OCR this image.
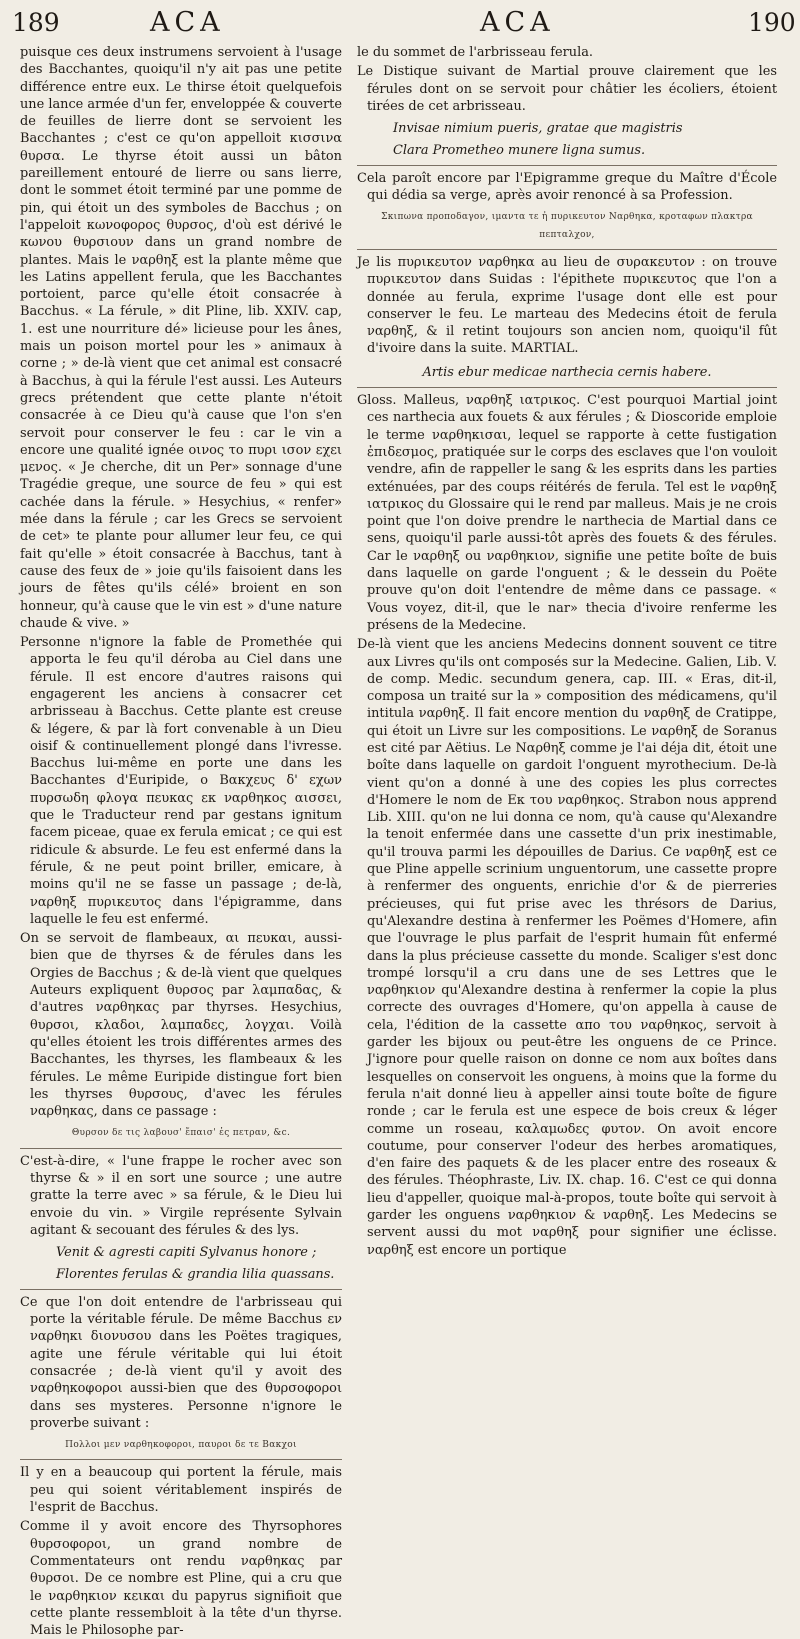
189	ACA	ACA	190

puisque ces deux instrumens servoient à l'usage des Bacchantes, quoiqu'il n'y ait pas une petite différence entre eux. Le thirse étoit quelquefois une lance armée d'un fer, enveloppée & couverte de feuilles de lierre dont se servoient les Bacchantes ; c'est ce qu'on appelloit κισσινα θυρσα. Le thyrse étoit aussi un bâton pareillement entouré de lierre ou sans lierre, dont le sommet étoit terminé par une pomme de pin, qui étoit un des symboles de Bacchus ; on l'appeloit κωνοφορος θυρσος, d'où est dérivé le κωνου θυρσιουν dans un grand nombre de plantes. Mais le ναρθηξ est la plante même que les Latins appellent ferula, que les Bacchantes portoient, parce qu'elle étoit consacrée à Bacchus. « La férule, » dit Pline, lib. XXIV. cap, 1. est une nourriture dé» licieuse pour les ânes, mais un poison mortel pour les » animaux à corne ; » de-là vient que cet animal est consacré à Bacchus, à qui la férule l'est aussi. Les Auteurs grecs prétendent que cette plante n'étoit consacrée à ce Dieu qu'à cause que l'on s'en servoit pour conserver le feu : car le vin a encore une qualité ignée οινος το πυρι ισον εχει μενος. « Je cherche, dit un Per» sonnage d'une Tragédie greque, une source de feu » qui est cachée dans la férule. » Hesychius, « renfer» mée dans la férule ; car les Grecs se servoient de cet» te plante pour allumer leur feu, ce qui fait qu'elle » étoit consacrée à Bacchus, tant à cause des feux de » joie qu'ils faisoient dans les jours de fêtes qu'ils célé» broient en son honneur, qu'à cause que le vin est » d'une nature chaude & vive. »

Personne n'ignore la fable de Promethée qui apporta le feu qu'il déroba au Ciel dans une férule. Il est encore d'autres raisons qui engagerent les anciens à consacrer cet arbrisseau à Bacchus. Cette plante est creuse & légere, & par là fort convenable à un Dieu oisif & continuellement plongé dans l'ivresse. Bacchus lui-même en porte une dans les Bacchantes d'Euripide, ο Βακχευς δ' εχων πυρσωδη φλογα πευκας εκ ναρθηκος αισσει, que le Traducteur rend par gestans ignitum facem piceae, quae ex ferula emicat ; ce qui est ridicule & absurde. Le feu est enfermé dans la férule, & ne peut point briller, emicare, à moins qu'il ne se fasse un passage ; de-là, ναρθηξ πυρικευτος dans l'épigramme, dans laquelle le feu est enfermé.

On se servoit de flambeaux, αι πευκαι, aussi-bien que de thyrses & de férules dans les Orgies de Bacchus ; & de-là vient que quelques Auteurs expliquent θυρσος par λαμπαδας, & d'autres ναρθηκας par thyrses. Hesychius, θυρσοι, κλαδοι, λαμπαδες, λογχαι. Voilà qu'elles étoient les trois différentes armes des Bacchantes, les thyrses, les flambeaux & les férules. Le même Euripide distingue fort bien les thyrses θυρσους, d'avec les férules ναρθηκας, dans ce passage :

Θυρσον δε τις λαβουσ' ἔπαισ' ἐς πετραν, &c.

C'est-à-dire, « l'une frappe le rocher avec son thyrse & » il en sort une source ; une autre gratte la terre avec » sa férule, & le Dieu lui envoie du vin. » Virgile représente Sylvain agitant & secouant des férules & des lys.

Venit & agresti capiti Sylvanus honore ;

Florentes ferulas & grandia lilia quassans.

Ce que l'on doit entendre de l'arbrisseau qui porte la véritable férule. De même Bacchus εν ναρθηκι διονυσου dans les Poëtes tragiques, agite une férule véritable qui lui étoit consacrée ; de-là vient qu'il y avoit des ναρθηκοφοροι aussi-bien que des θυρσοφοροι dans ses mysteres. Personne n'ignore le proverbe suivant :

Πολλοι μεν ναρθηκοφοροι, παυροι δε τε Βακχοι

Il y en a beaucoup qui portent la férule, mais peu qui soient véritablement inspirés de l'esprit de Bacchus.

Comme il y avoit encore des Thyrsophores θυρσοφοροι, un grand nombre de Commentateurs ont rendu ναρθηκας par θυρσοι. De ce nombre est Pline, qui a cru que le ναρθηκιον κεικαι du papyrus signifioit que cette plante ressembloit à la tête d'un thyrse. Mais le Philosophe par-

le du sommet de l'arbrisseau ferula.

Le Distique suivant de Martial prouve clairement que les férules dont on se servoit pour châtier les écoliers, étoient tirées de cet arbrisseau.

Invisae nimium pueris, gratae que magistris

Clara Prometheo munere ligna sumus.

Cela paroît encore par l'Epigramme greque du Maître d'École qui dédia sa verge, après avoir renoncé à sa Profession.

Σκιπωνα προποδαγον, ιμαντα τε ἠ πυρικευτον Ναρθηκα, κροταφων πλακτρα πεπταλχον,

Je lis πυρικευτον ναρθηκα au lieu de συρακευτον : on trouve πυρικευτον dans Suidas : l'épithete πυρικευτος que l'on a donnée au ferula, exprime l'usage dont elle est pour conserver le feu. Le marteau des Medecins étoit de ferula ναρθηξ, & il retint toujours son ancien nom, quoiqu'il fût d'ivoire dans la suite. MARTIAL.

Artis ebur medicae narthecia cernis habere.

Gloss. Malleus, ναρθηξ ιατρικος. C'est pourquoi Martial joint ces narthecia aux fouets & aux férules ; & Dioscoride emploie le terme ναρθηκισαι, lequel se rapporte à cette fustigation ἐπιδεσμος, pratiquée sur le corps des esclaves que l'on vouloit vendre, afin de rappeller le sang & les esprits dans les parties exténuées, par des coups réitérés de ferula. Tel est le ναρθηξ ιατρικος du Glossaire qui le rend par malleus. Mais je ne crois point que l'on doive prendre le narthecia de Martial dans ce sens, quoiqu'il parle aussi-tôt après des fouets & des férules. Car le ναρθηξ ou ναρθηκιον, signifie une petite boîte de buis dans laquelle on garde l'onguent ; & le dessein du Poëte prouve qu'on doit l'entendre de même dans ce passage. « Vous voyez, dit-il, que le nar» thecia d'ivoire renferme les présens de la Medecine.

De-là vient que les anciens Medecins donnent souvent ce titre aux Livres qu'ils ont composés sur la Medecine. Galien, Lib. V. de comp. Medic. secundum genera, cap. III. « Eras, dit-il, composa un traité sur la » composition des médicamens, qu'il intitula ναρθηξ. Il fait encore mention du ναρθηξ de Cratippe, qui étoit un Livre sur les compositions. Le ναρθηξ de Soranus est cité par Aëtius. Le Ναρθηξ comme je l'ai déja dit, étoit une boîte dans laquelle on gardoit l'onguent myrothecium. De-là vient qu'on a donné à une des copies les plus correctes d'Homere le nom de Εκ του ναρθηκος. Strabon nous apprend Lib. XIII. qu'on ne lui donna ce nom, qu'à cause qu'Alexandre la tenoit enfermée dans une cassette d'un prix inestimable, qu'il trouva parmi les dépouilles de Darius. Ce ναρθηξ est ce que Pline appelle scrinium unguentorum, une cassette propre à renfermer des onguents, enrichie d'or & de pierreries précieuses, qui fut prise avec les thrésors de Darius, qu'Alexandre destina à renfermer les Poëmes d'Homere, afin que l'ouvrage le plus parfait de l'esprit humain fût enfermé dans la plus précieuse cassette du monde. Scaliger s'est donc trompé lorsqu'il a cru dans une de ses Lettres que le ναρθηκιον qu'Alexandre destina à renfermer la copie la plus correcte des ouvrages d'Homere, qu'on appella à cause de cela, l'édition de la cassette απο του ναρθηκος, servoit à garder les bijoux ou peut-être les onguens de ce Prince. J'ignore pour quelle raison on donne ce nom aux boîtes dans lesquelles on conservoit les onguens, à moins que la forme du ferula n'ait donné lieu à appeller ainsi toute boîte de figure ronde ; car le ferula est une espece de bois creux & léger comme un roseau, καλαμωδες φυτον. On avoit encore coutume, pour conserver l'odeur des herbes aromatiques, d'en faire des paquets & de les placer entre des roseaux & des férules. Théophraste, Liv. IX. chap. 16. C'est ce qui donna lieu d'appeller, quoique mal-à-propos, toute boîte qui servoit à garder les onguens ναρθηκιον & ναρθηξ. Les Medecins se servent aussi du mot ναρθηξ pour signifier une éclisse. ναρθηξ est encore un portique
